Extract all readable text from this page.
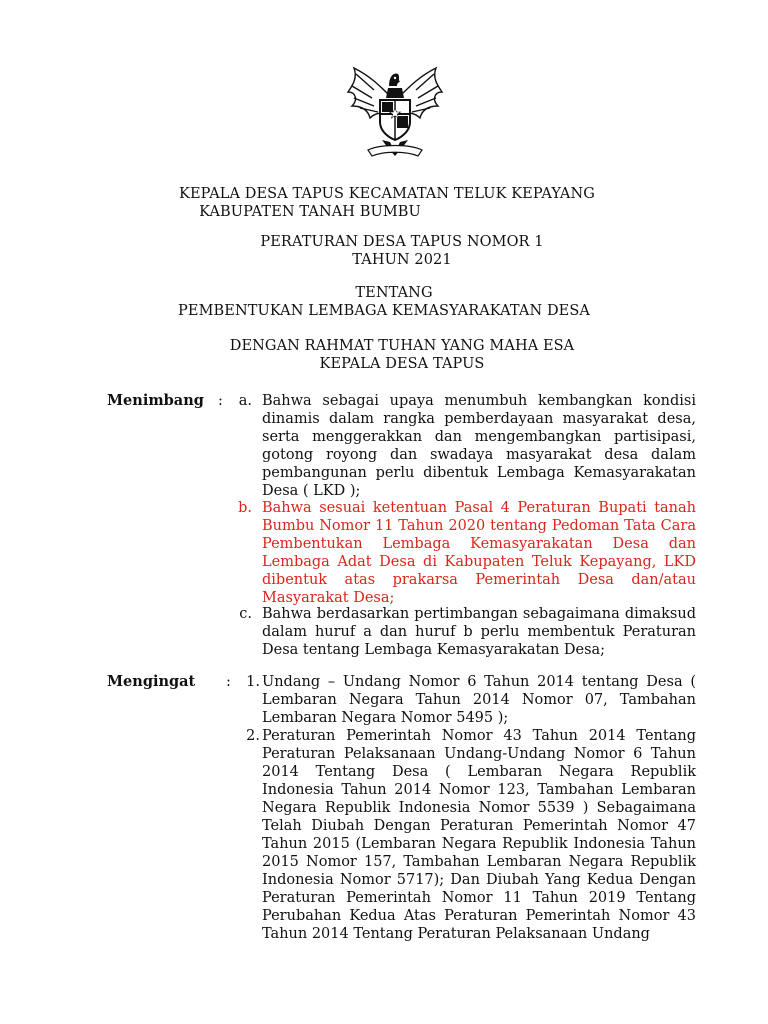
KEPALA DESA TAPUS KECAMATAN TELUK KEPAYANG
KABUPATEN TANAH BUMBU
PERATURAN DESA TAPUS NOMOR 1
TAHUN 2021
TENTANG
PEMBENTUKAN LEMBAGA KEMASYARAKATAN DESA
DENGAN RAHMAT TUHAN YANG MAHA ESA
KEPALA DESA TAPUS
Menimbang :	a. Bahwa sebagai upaya menumbuh kembangkan kondisi dinamis dalam rangka pemberdayaan masyarakat desa, serta menggerakkan dan mengembangkan partisipasi, gotong royong dan swadaya masyarakat desa dalam pembangunan perlu dibentuk Lembaga Kemasyarakatan Desa ( LKD );
b. Bahwa sesuai ketentuan Pasal 4 Peraturan Bupati tanah Bumbu Nomor 11 Tahun 2020 tentang Pedoman Tata Cara Pembentukan Lembaga Kemasyarakatan Desa dan Lembaga Adat Desa di Kabupaten Teluk Kepayang, LKD dibentuk atas prakarsa Pemerintah Desa dan/atau Masyarakat Desa;
c. Bahwa berdasarkan pertimbangan sebagaimana dimaksud dalam huruf a dan huruf b perlu membentuk Peraturan Desa tentang Lembaga Kemasyarakatan Desa;
Mengingat :	1. Undang – Undang Nomor 6 Tahun 2014 tentang Desa ( Lembaran Negara Tahun 2014 Nomor 07, Tambahan Lembaran Negara Nomor 5495 );
2. Peraturan Pemerintah Nomor 43 Tahun 2014 Tentang Peraturan Pelaksanaan Undang-Undang Nomor 6 Tahun 2014 Tentang Desa ( Lembaran Negara Republik Indonesia Tahun 2014 Nomor 123, Tambahan Lembaran Negara Republik Indonesia Nomor 5539 ) Sebagaimana Telah Diubah Dengan Peraturan Pemerintah Nomor 47 Tahun 2015 (Lembaran Negara Republik Indonesia Tahun 2015 Nomor 157, Tambahan Lembaran Negara Republik Indonesia Nomor 5717); Dan Diubah Yang Kedua Dengan Peraturan Pemerintah Nomor 11 Tahun 2019 Tentang Perubahan Kedua Atas Peraturan Pemerintah Nomor 43 Tahun 2014 Tentang Peraturan Pelaksanaan Undang
